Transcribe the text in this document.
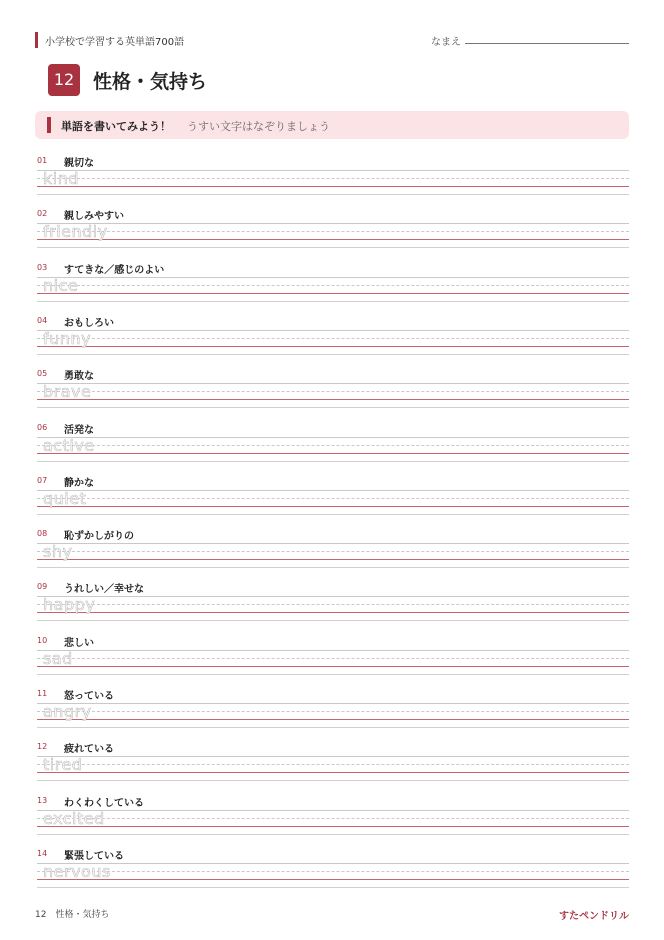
小学校で学習する英単語700語	なまえ
12 性格・気持ち
単語を書いてみよう！ うすい文字はなぞりましょう
01 親切な
kind
02 親しみやすい
friendly
03 すてきな／感じのよい
nice
04 おもしろい
funny
05 勇敢な
brave
06 活発な
active
07 静かな
quiet
08 恥ずかしがりの
shy
09 うれしい／幸せな
happy
10 悲しい
sad
11 怒っている
angry
12 疲れている
tired
13 わくわくしている
excited
14 緊張している
nervous
12　性格・気持ち	すたペンドリル
